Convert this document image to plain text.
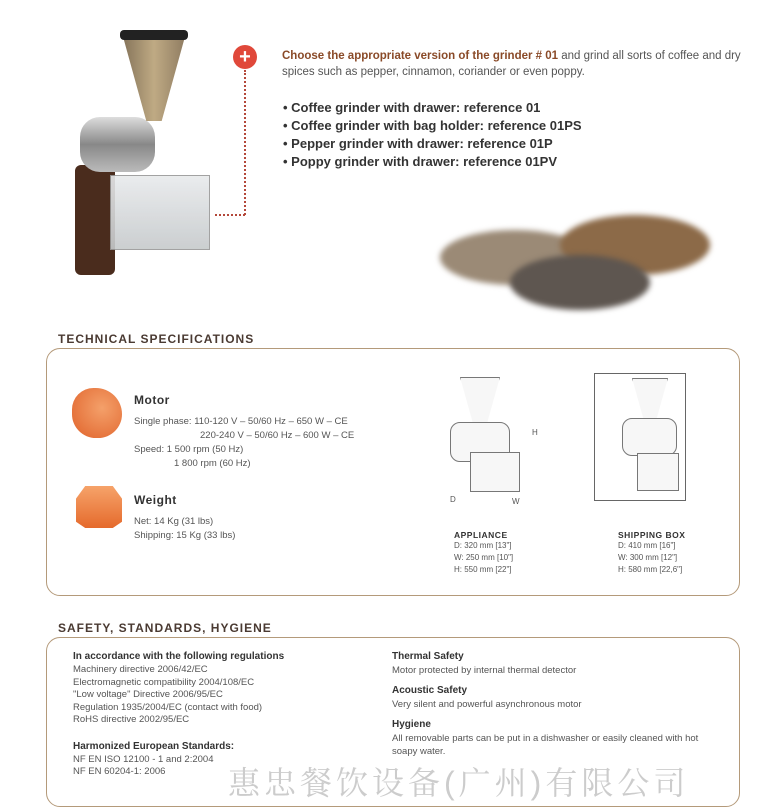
+	Choose the appropriate version of the grinder # 01 and grind all sorts of coffee and dry spices such as pepper, cinnamon, coriander or even poppy.

• Coffee grinder with drawer: reference 01
• Coffee grinder with bag holder: reference 01PS
• Pepper grinder with drawer: reference 01P
• Poppy grinder with drawer: reference 01PV
TECHNICAL SPECIFICATIONS
Motor
Single phase: 110-120 V – 50/60 Hz – 650 W – CE
220-240 V – 50/60 Hz – 600 W – CE
Speed: 1 500 rpm (50 Hz)
1 800 rpm (60 Hz)
Weight
Net: 14 Kg (31 lbs)
Shipping: 15 Kg (33 lbs)
H
D	W
APPLIANCE
D: 320 mm [13"]
W: 250 mm [10"]
H: 550 mm [22"]
SHIPPING BOX
D: 410 mm [16"]
W: 300 mm [12"]
H: 580 mm [22,6"]
SAFETY, STANDARDS, HYGIENE
In accordance with the following regulations
Machinery directive 2006/42/EC
Electromagnetic compatibility 2004/108/EC
"Low voltage" Directive 2006/95/EC
Regulation 1935/2004/EC (contact with food)
RoHS directive 2002/95/EC
Harmonized European Standards:
NF EN ISO 12100 - 1 and 2:2004
NF EN 60204-1: 2006
Thermal Safety
Motor protected by internal thermal detector
Acoustic Safety
Very silent and powerful asynchronous motor
Hygiene
All removable parts can be put in a dishwasher or easily cleaned with hot soapy water.
惠忠餐饮设备(广州)有限公司
